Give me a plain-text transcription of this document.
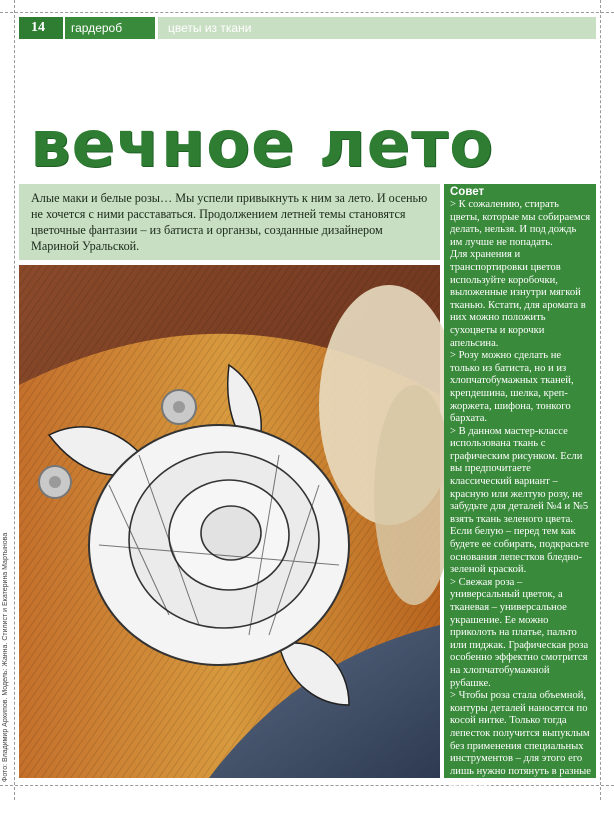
14	гардероб	цветы из ткани
вечное лето
Алые маки и белые розы… Мы успели привыкнуть к ним за лето. И осенью не хочется с ними расставаться. Продолжением летней темы становятся цветочные фантазии – из батиста и органзы, созданные дизайнером Мариной Уральской.
Совет

> К сожалению, стирать цветы, которые мы собираемся делать, нельзя. И под дождь им лучше не попадать.

Для хранения и транспортировки цветов используйте коробочки, выложенные изнутри мягкой тканью. Кстати, для аромата в них можно положить сухоцветы и корочки апельсина.

> Розу можно сделать не только из батиста, но и из хлопчатобумажных тканей, крепдешина, шелка, креп-жоржета, шифона, тонкого бархата.

> В данном мастер-классе использована ткань с графическим рисунком. Если вы предпочитаете классический вариант – красную или желтую розу, не забудьте для деталей №4 и №5 взять ткань зеленого цвета. Если белую – перед тем как будете ее собирать, подкрасьте основания лепестков бледно-зеленой краской.

> Свежая роза – универсальный цветок, а тканевая – универсальное украшение. Ее можно приколоть на платье, пальто или пиджак. Графическая роза особенно эффектно смотрится на хлопчатобумажной рубашке.

> Чтобы роза стала объемной, контуры деталей наносятся по косой нитке. Только тогда лепесток получится выпуклым без применения специальных инструментов – для этого его лишь нужно потянуть в разные стороны.

А также не забудьте, что ткань для розы надо предварительно накрахмалить.

Фото: Владимир Архипов. Модель: Жанна. Стилист и Екатерина Мартынова
